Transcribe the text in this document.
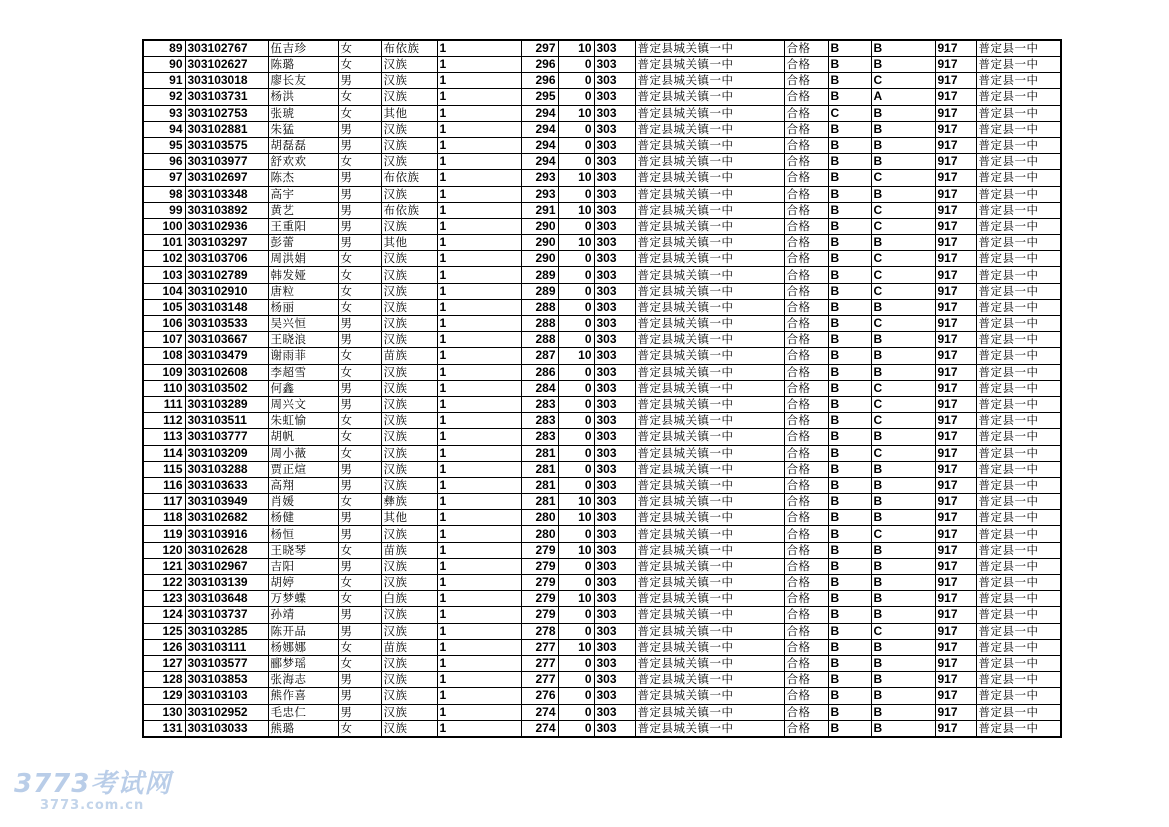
89	303102767	伍吉珍	女	布依族	1	297	10	303	普定县城关镇一中	合格	B	B	917	普定县一中
90	303102627	陈璐	女	汉族	1	296	0	303	普定县城关镇一中	合格	B	B	917	普定县一中
91	303103018	廖长友	男	汉族	1	296	0	303	普定县城关镇一中	合格	B	C	917	普定县一中
92	303103731	杨洪	女	汉族	1	295	0	303	普定县城关镇一中	合格	B	A	917	普定县一中
93	303102753	张琥	女	其他	1	294	10	303	普定县城关镇一中	合格	C	B	917	普定县一中
94	303102881	朱猛	男	汉族	1	294	0	303	普定县城关镇一中	合格	B	B	917	普定县一中
95	303103575	胡磊磊	男	汉族	1	294	0	303	普定县城关镇一中	合格	B	B	917	普定县一中
96	303103977	舒欢欢	女	汉族	1	294	0	303	普定县城关镇一中	合格	B	B	917	普定县一中
97	303102697	陈杰	男	布依族	1	293	10	303	普定县城关镇一中	合格	B	C	917	普定县一中
98	303103348	高宇	男	汉族	1	293	0	303	普定县城关镇一中	合格	B	B	917	普定县一中
99	303103892	黄艺	男	布依族	1	291	10	303	普定县城关镇一中	合格	B	C	917	普定县一中
100	303102936	王重阳	男	汉族	1	290	0	303	普定县城关镇一中	合格	B	C	917	普定县一中
101	303103297	彭蕾	男	其他	1	290	10	303	普定县城关镇一中	合格	B	B	917	普定县一中
102	303103706	周洪娟	女	汉族	1	290	0	303	普定县城关镇一中	合格	B	C	917	普定县一中
103	303102789	韩发娅	女	汉族	1	289	0	303	普定县城关镇一中	合格	B	C	917	普定县一中
104	303102910	唐粒	女	汉族	1	289	0	303	普定县城关镇一中	合格	B	C	917	普定县一中
105	303103148	杨丽	女	汉族	1	288	0	303	普定县城关镇一中	合格	B	B	917	普定县一中
106	303103533	吴兴恒	男	汉族	1	288	0	303	普定县城关镇一中	合格	B	C	917	普定县一中
107	303103667	王晓浪	男	汉族	1	288	0	303	普定县城关镇一中	合格	B	B	917	普定县一中
108	303103479	谢雨菲	女	苗族	1	287	10	303	普定县城关镇一中	合格	B	B	917	普定县一中
109	303102608	李超雪	女	汉族	1	286	0	303	普定县城关镇一中	合格	B	B	917	普定县一中
110	303103502	何鑫	男	汉族	1	284	0	303	普定县城关镇一中	合格	B	C	917	普定县一中
111	303103289	周兴文	男	汉族	1	283	0	303	普定县城关镇一中	合格	B	C	917	普定县一中
112	303103511	朱虹愉	女	汉族	1	283	0	303	普定县城关镇一中	合格	B	C	917	普定县一中
113	303103777	胡帆	女	汉族	1	283	0	303	普定县城关镇一中	合格	B	B	917	普定县一中
114	303103209	周小薇	女	汉族	1	281	0	303	普定县城关镇一中	合格	B	C	917	普定县一中
115	303103288	贾正煊	男	汉族	1	281	0	303	普定县城关镇一中	合格	B	B	917	普定县一中
116	303103633	高翔	男	汉族	1	281	0	303	普定县城关镇一中	合格	B	B	917	普定县一中
117	303103949	肖媛	女	彝族	1	281	10	303	普定县城关镇一中	合格	B	B	917	普定县一中
118	303102682	杨健	男	其他	1	280	10	303	普定县城关镇一中	合格	B	B	917	普定县一中
119	303103916	杨恒	男	汉族	1	280	0	303	普定县城关镇一中	合格	B	C	917	普定县一中
120	303102628	王晓琴	女	苗族	1	279	10	303	普定县城关镇一中	合格	B	B	917	普定县一中
121	303102967	吉阳	男	汉族	1	279	0	303	普定县城关镇一中	合格	B	B	917	普定县一中
122	303103139	胡婷	女	汉族	1	279	0	303	普定县城关镇一中	合格	B	B	917	普定县一中
123	303103648	万梦蝶	女	白族	1	279	10	303	普定县城关镇一中	合格	B	B	917	普定县一中
124	303103737	孙靖	男	汉族	1	279	0	303	普定县城关镇一中	合格	B	B	917	普定县一中
125	303103285	陈开品	男	汉族	1	278	0	303	普定县城关镇一中	合格	B	C	917	普定县一中
126	303103111	杨娜娜	女	苗族	1	277	10	303	普定县城关镇一中	合格	B	B	917	普定县一中
127	303103577	郦梦瑶	女	汉族	1	277	0	303	普定县城关镇一中	合格	B	B	917	普定县一中
128	303103853	张海志	男	汉族	1	277	0	303	普定县城关镇一中	合格	B	B	917	普定县一中
129	303103103	熊作喜	男	汉族	1	276	0	303	普定县城关镇一中	合格	B	B	917	普定县一中
130	303102952	毛忠仁	男	汉族	1	274	0	303	普定县城关镇一中	合格	B	B	917	普定县一中
131	303103033	熊璐	女	汉族	1	274	0	303	普定县城关镇一中	合格	B	B	917	普定县一中
3773考试网
3773.com.cn
